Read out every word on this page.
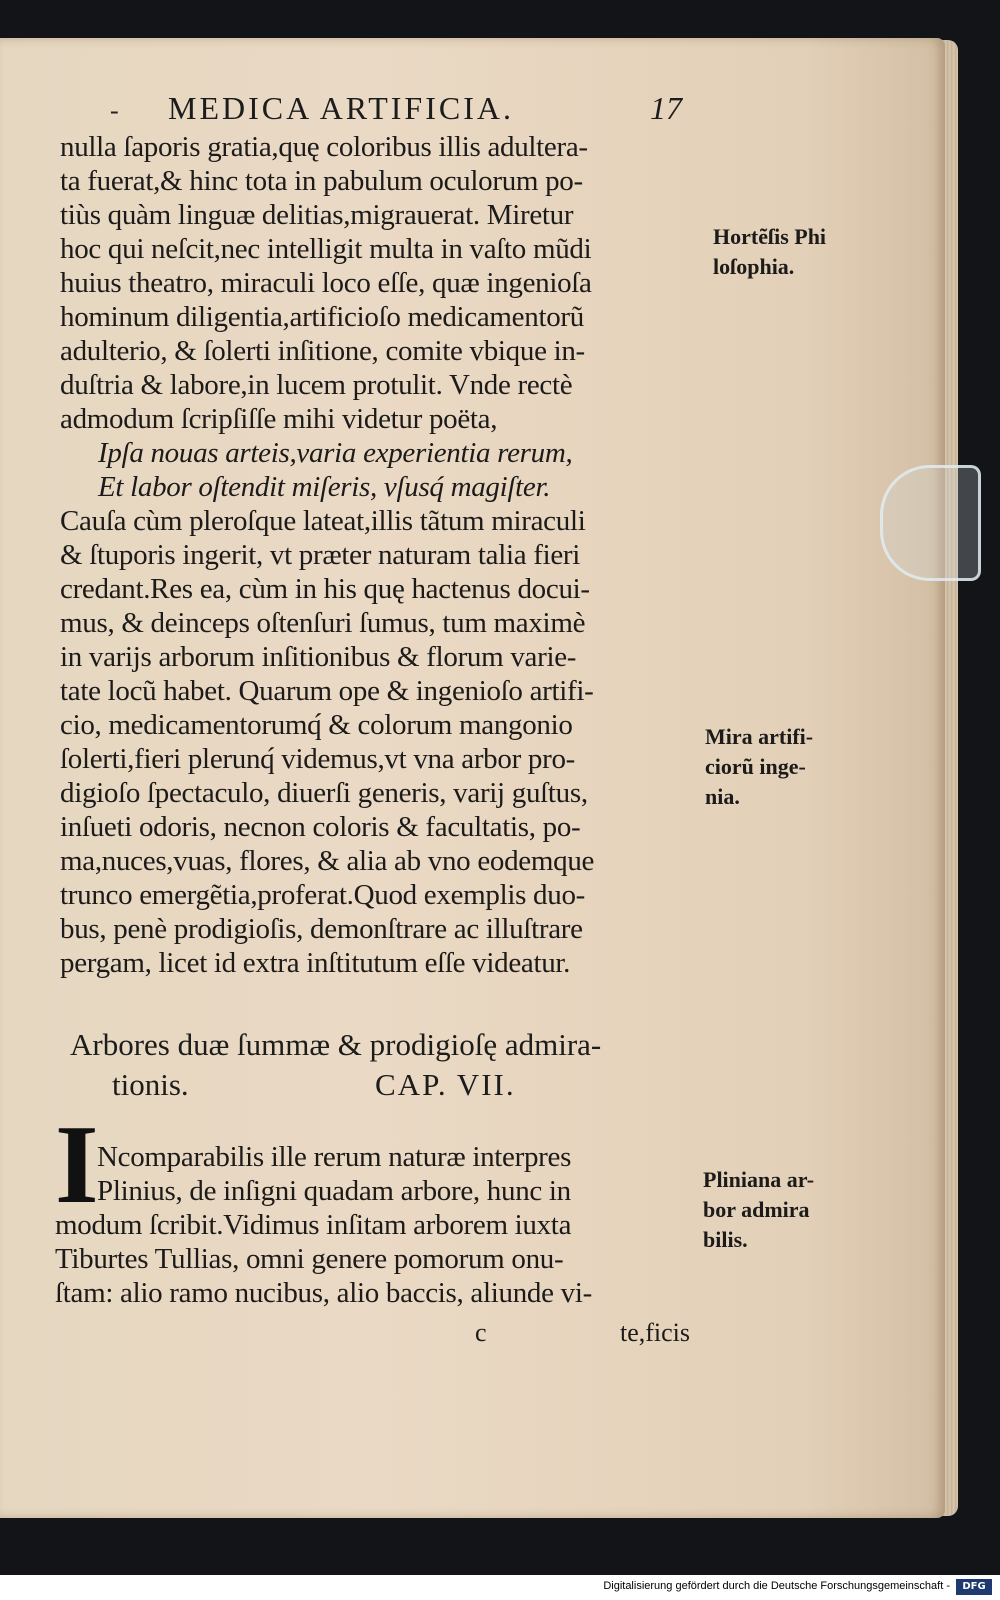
- MEDICA ARTIFICIA.	17
nulla ſaporis gratia,quę coloribus illis adultera-
ta fuerat,& hinc tota in pabulum oculorum po-
tiùs quàm linguæ delitias,migrauerat. Miretur
hoc qui neſcit,nec intelligit multa in vaſto mũdi
huius theatro, miraculi loco eſſe, quæ ingenioſa
hominum diligentia,artificioſo medicamentorũ
adulterio, & ſolerti inſitione, comite vbique in-
duſtria & labore,in lucem protulit. Vnde rectè
admodum ſcripſiſſe mihi videtur poëta,
Ipſa nouas arteis,varia experientia rerum,
Et labor oſtendit miſeris, vſusq́ magiſter.
Cauſa cùm pleroſque lateat,illis tãtum miraculi
& ſtuporis ingerit, vt præter naturam talia fieri
credant.Res ea, cùm in his quę hactenus docui-
mus, & deinceps oſtenſuri ſumus, tum maximè
in varijs arborum inſitionibus & florum varie-
tate locũ habet. Quarum ope & ingenioſo artifi-
cio, medicamentorumq́ & colorum mangonio
ſolerti,fieri plerunq́ videmus,vt vna arbor pro-
digioſo ſpectaculo, diuerſi generis, varij guſtus,
inſueti odoris, necnon coloris & facultatis, po-
ma,nuces,vuas, flores, & alia ab vno eodemque
trunco emergẽtia,proferat.Quod exemplis duo-
bus, penè prodigioſis, demonſtrare ac illuſtrare
pergam, licet id extra inſtitutum eſſe videatur.
Hortẽſis Phi
loſophia.
Mira artifi-
ciorũ inge-
nia.
Pliniana ar-
bor admira
bilis.
Arbores duæ ſummæ & prodigioſę admira-
tionis.	CAP. VII.
I
Ncomparabilis ille rerum naturæ interpres
Plinius, de inſigni quadam arbore, hunc in
modum ſcribit.Vidimus inſitam arborem iuxta
Tiburtes Tullias, omni genere pomorum onu-
ſtam: alio ramo nucibus, alio baccis, aliunde vi-
c	te,ficis
Digitalisierung gefördert durch die Deutsche Forschungsgemeinschaft -	DFG
